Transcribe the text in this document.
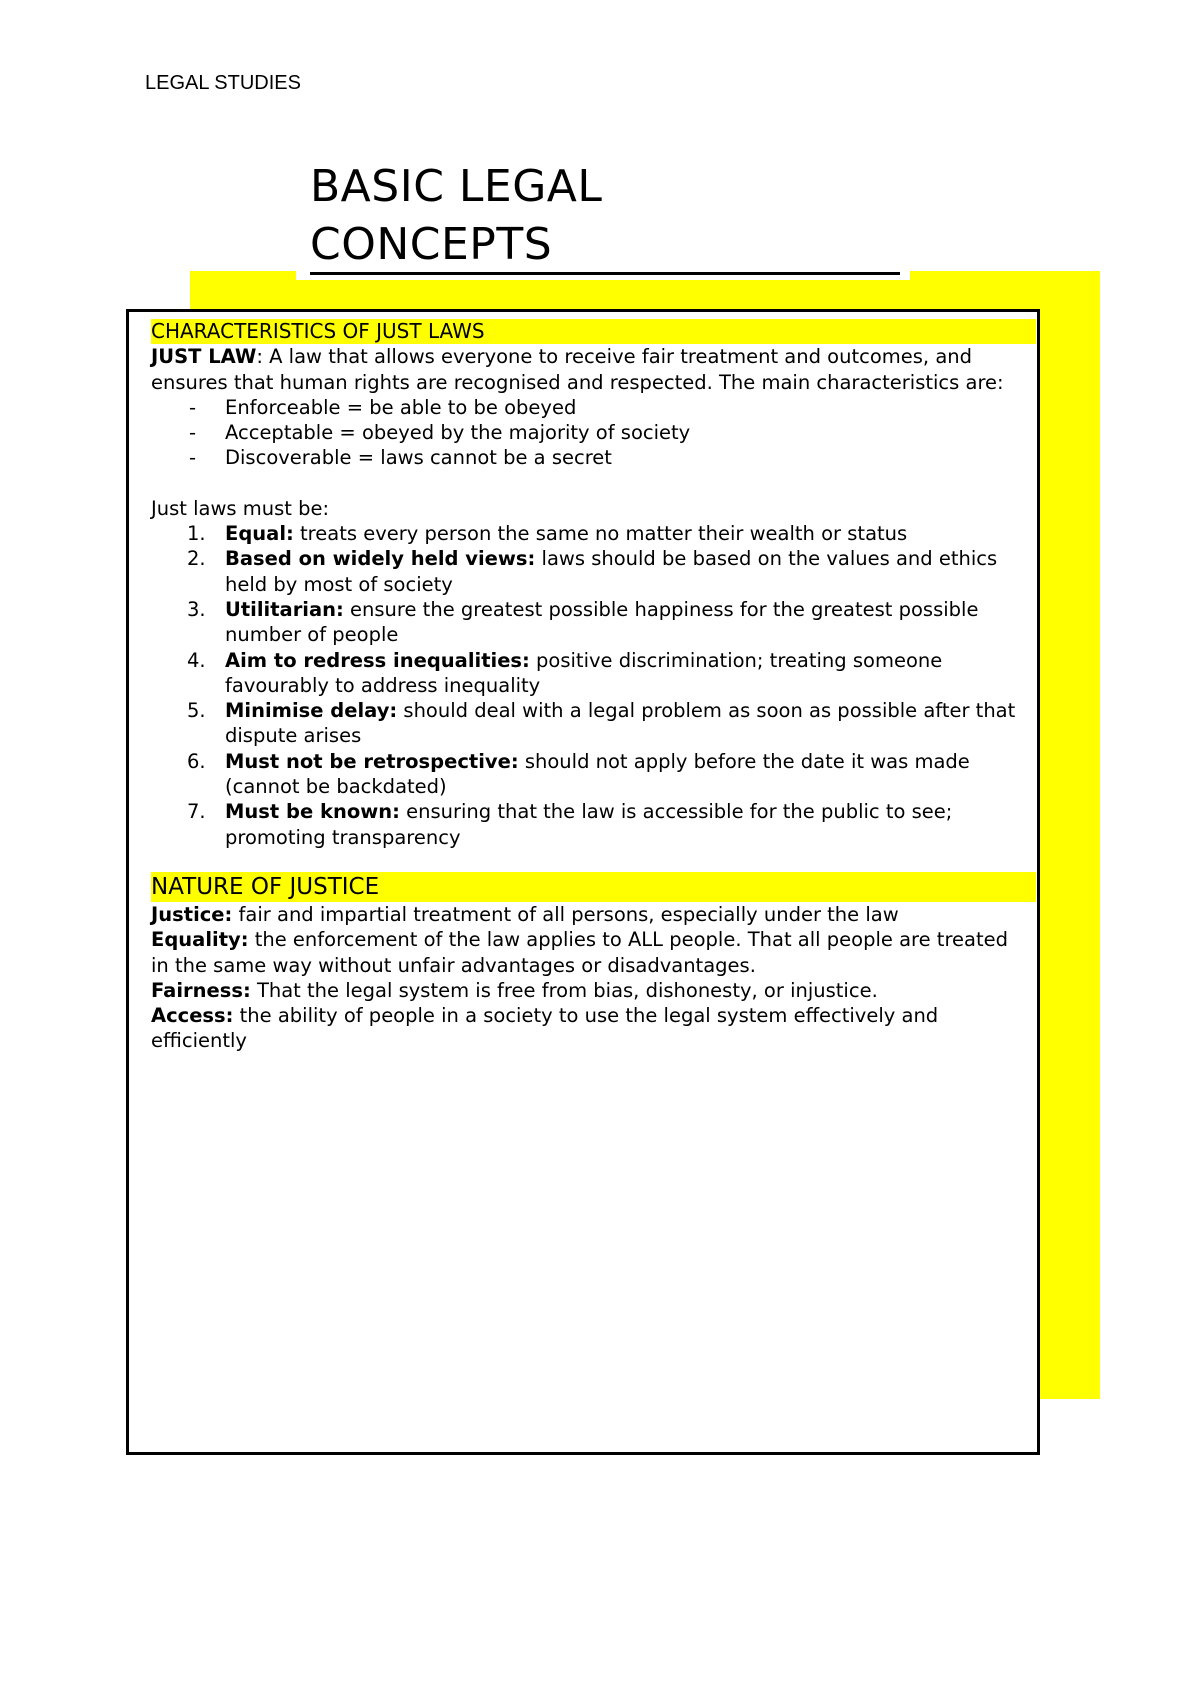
LEGAL STUDIES
BASIC LEGAL
CONCEPTS
CHARACTERISTICS OF JUST LAWS

JUST LAW: A law that allows everyone to receive fair treatment and outcomes, and ensures that human rights are recognised and respected. The main characteristics are:

- Enforceable = be able to be obeyed
- Acceptable = obeyed by the majority of society
- Discoverable = laws cannot be a secret

Just laws must be:

1. Equal: treats every person the same no matter their wealth or status
2. Based on widely held views: laws should be based on the values and ethics held by most of society
3. Utilitarian: ensure the greatest possible happiness for the greatest possible number of people
4. Aim to redress inequalities: positive discrimination; treating someone favourably to address inequality
5. Minimise delay: should deal with a legal problem as soon as possible after that dispute arises
6. Must not be retrospective: should not apply before the date it was made (cannot be backdated)
7. Must be known: ensuring that the law is accessible for the public to see; promoting transparency
NATURE OF JUSTICE

Justice: fair and impartial treatment of all persons, especially under the law

Equality: the enforcement of the law applies to ALL people. That all people are treated in the same way without unfair advantages or disadvantages.

Fairness: That the legal system is free from bias, dishonesty, or injustice.

Access: the ability of people in a society to use the legal system effectively and efficiently
